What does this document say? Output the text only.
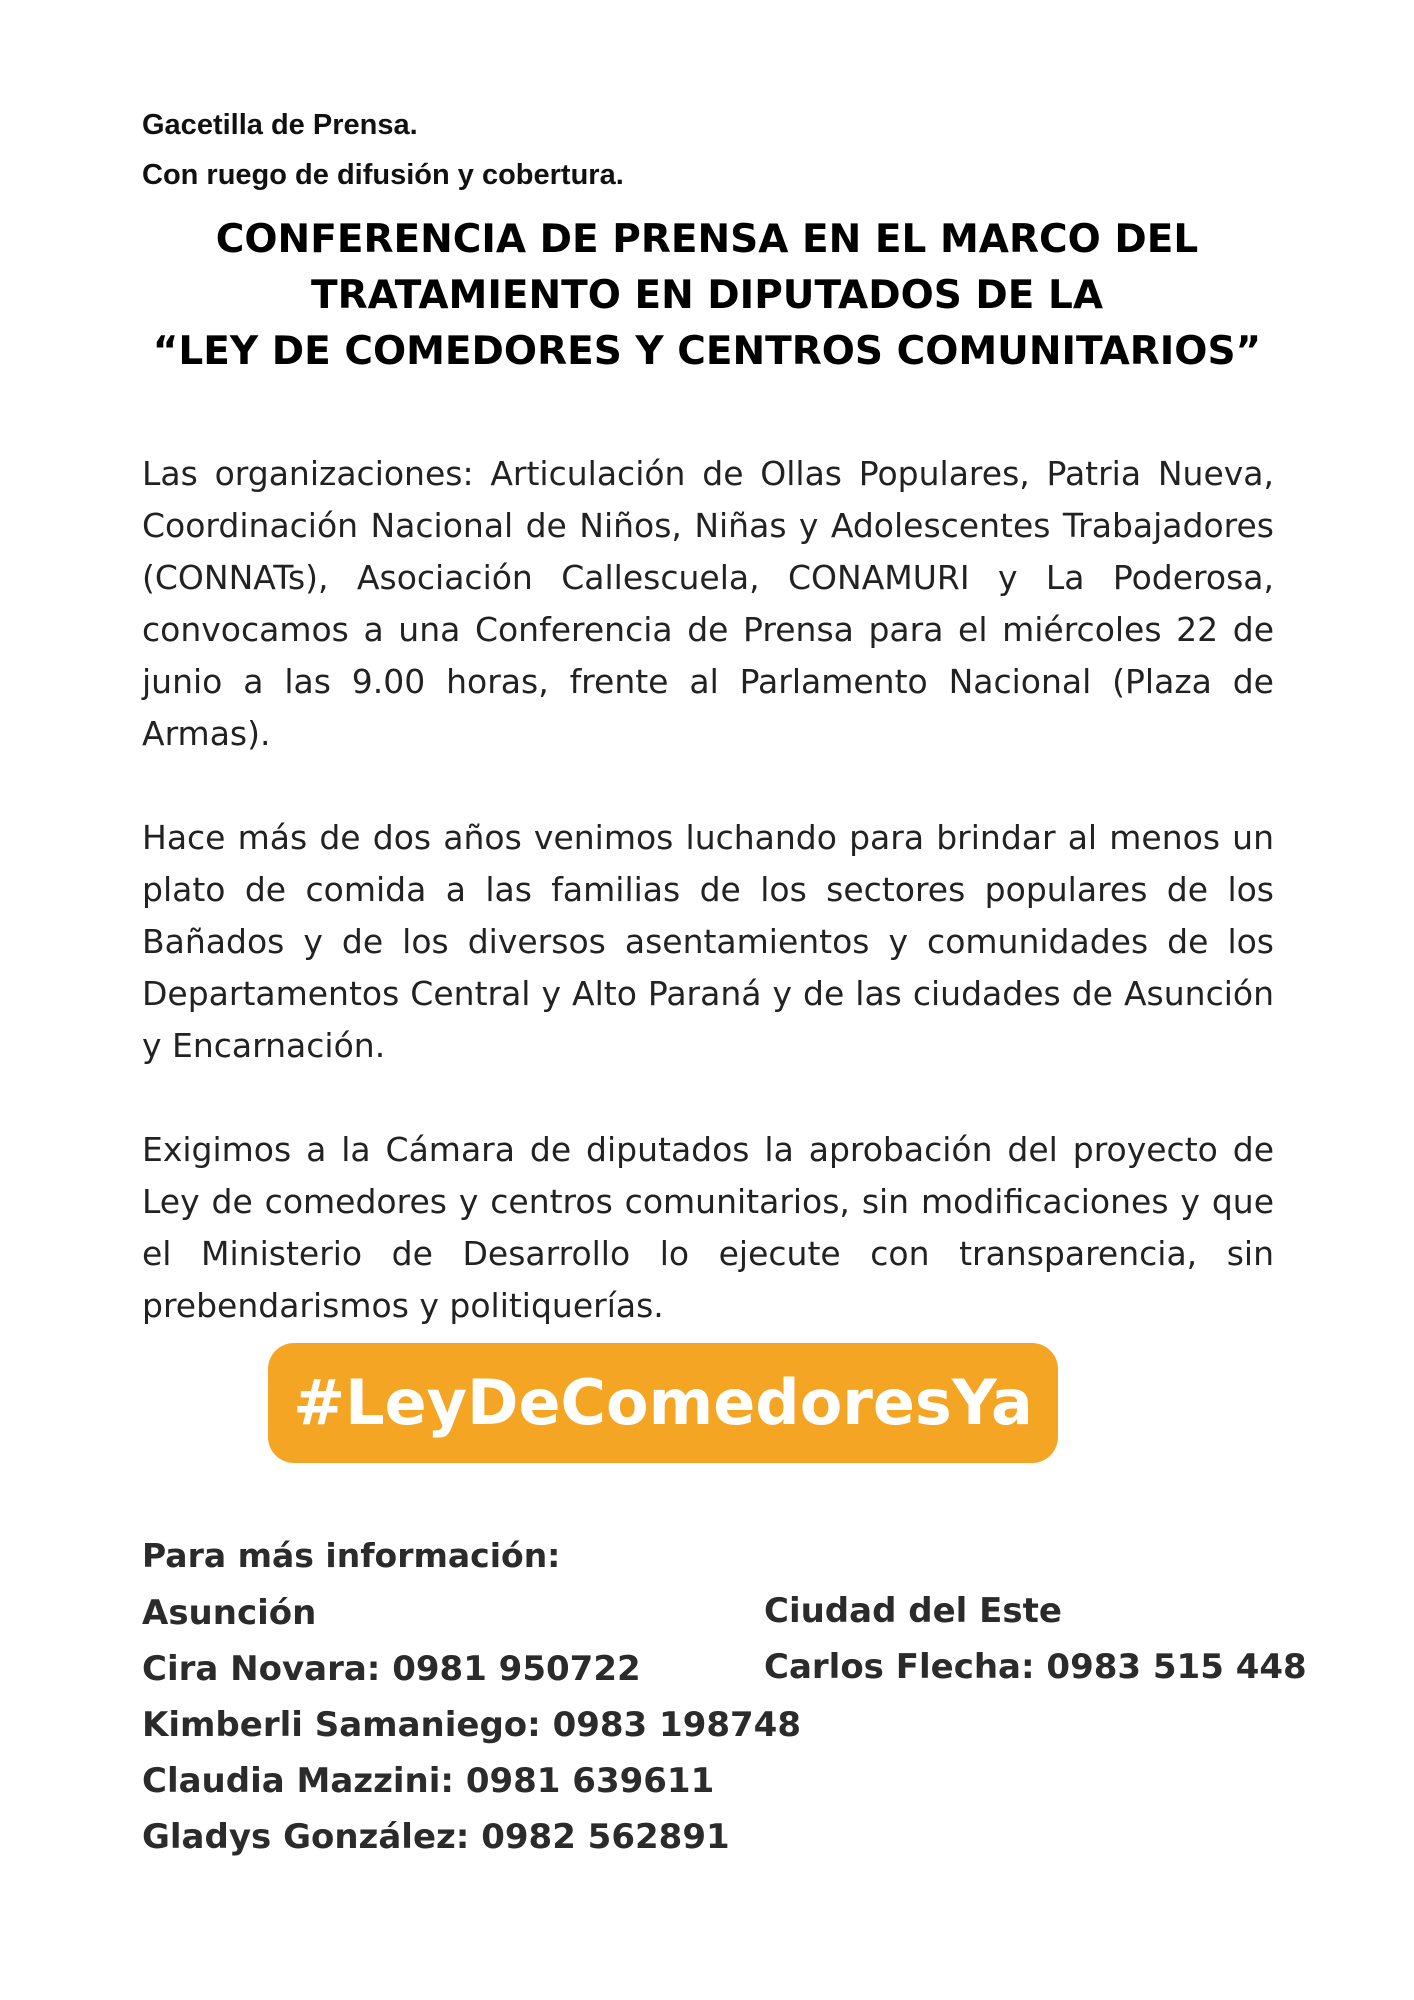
Gacetilla de Prensa.
Con ruego de difusión y cobertura.
CONFERENCIA DE PRENSA EN EL MARCO DEL
TRATAMIENTO EN DIPUTADOS DE LA
“LEY DE COMEDORES Y CENTROS COMUNITARIOS”

Las organizaciones: Articulación de Ollas Populares, Patria Nueva, Coordinación Nacional de Niños, Niñas y Adolescentes Trabajadores (CONNATs), Asociación Callescuela, CONAMURI y La Poderosa, convocamos a una Conferencia de Prensa para el miércoles 22 de junio a las 9.00 horas, frente al Parlamento Nacional (Plaza de Armas).

Hace más de dos años venimos luchando para brindar al menos un plato de comida a las familias de los sectores populares de los Bañados y de los diversos asentamientos y comunidades de los Departamentos Central y Alto Paraná y de las ciudades de Asunción y Encarnación.

Exigimos a la Cámara de diputados la aprobación del proyecto de Ley de comedores y centros comunitarios, sin modificaciones y que el Ministerio de Desarrollo lo ejecute con transparencia, sin prebendarismos y politiquerías.

#LeyDeComedoresYa
Para más información:
Asunción
Cira Novara: 0981 950722
Kimberli Samaniego: 0983 198748
Claudia Mazzini: 0981 639611
Gladys González: 0982 562891
Ciudad del Este
Carlos Flecha: 0983 515 448
